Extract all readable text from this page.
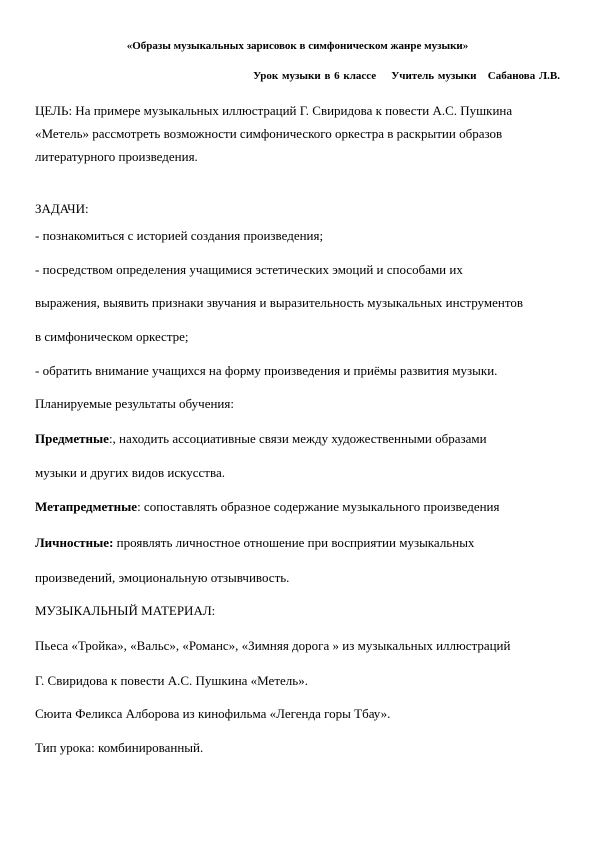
«Образы музыкальных зарисовок в симфоническом жанре музыки»
Урок музыки в 6 классе Учитель музыки Сабанова Л.В.
ЦЕЛЬ: На примере музыкальных иллюстраций Г. Свиридова к повести А.С. Пушкина
«Метель» рассмотреть возможности симфонического оркестра в раскрытии образов
литературного произведения.
ЗАДАЧИ:
- познакомиться с историей создания произведения;
- посредством определения учащимися эстетических эмоций и способами их
выражения, выявить признаки звучания и выразительность музыкальных инструментов
в симфоническом оркестре;
- обратить внимание учащихся на форму произведения и приёмы развития музыки.
Планируемые результаты обучения:
Предметные:, находить ассоциативные связи между художественными образами
музыки и других видов искусства.
Метапредметные: сопоставлять образное содержание музыкального произведения
Личностные: проявлять личностное отношение при восприятии музыкальных
произведений, эмоциональную отзывчивость.
МУЗЫКАЛЬНЫЙ МАТЕРИАЛ:
Пьеса «Тройка», «Вальс», «Романс», «Зимняя дорога » из музыкальных иллюстраций
Г. Свиридова к повести А.С. Пушкина «Метель».
Сюита Феликса Алборова из кинофильма «Легенда горы Тбау».
Тип урока: комбинированный.
